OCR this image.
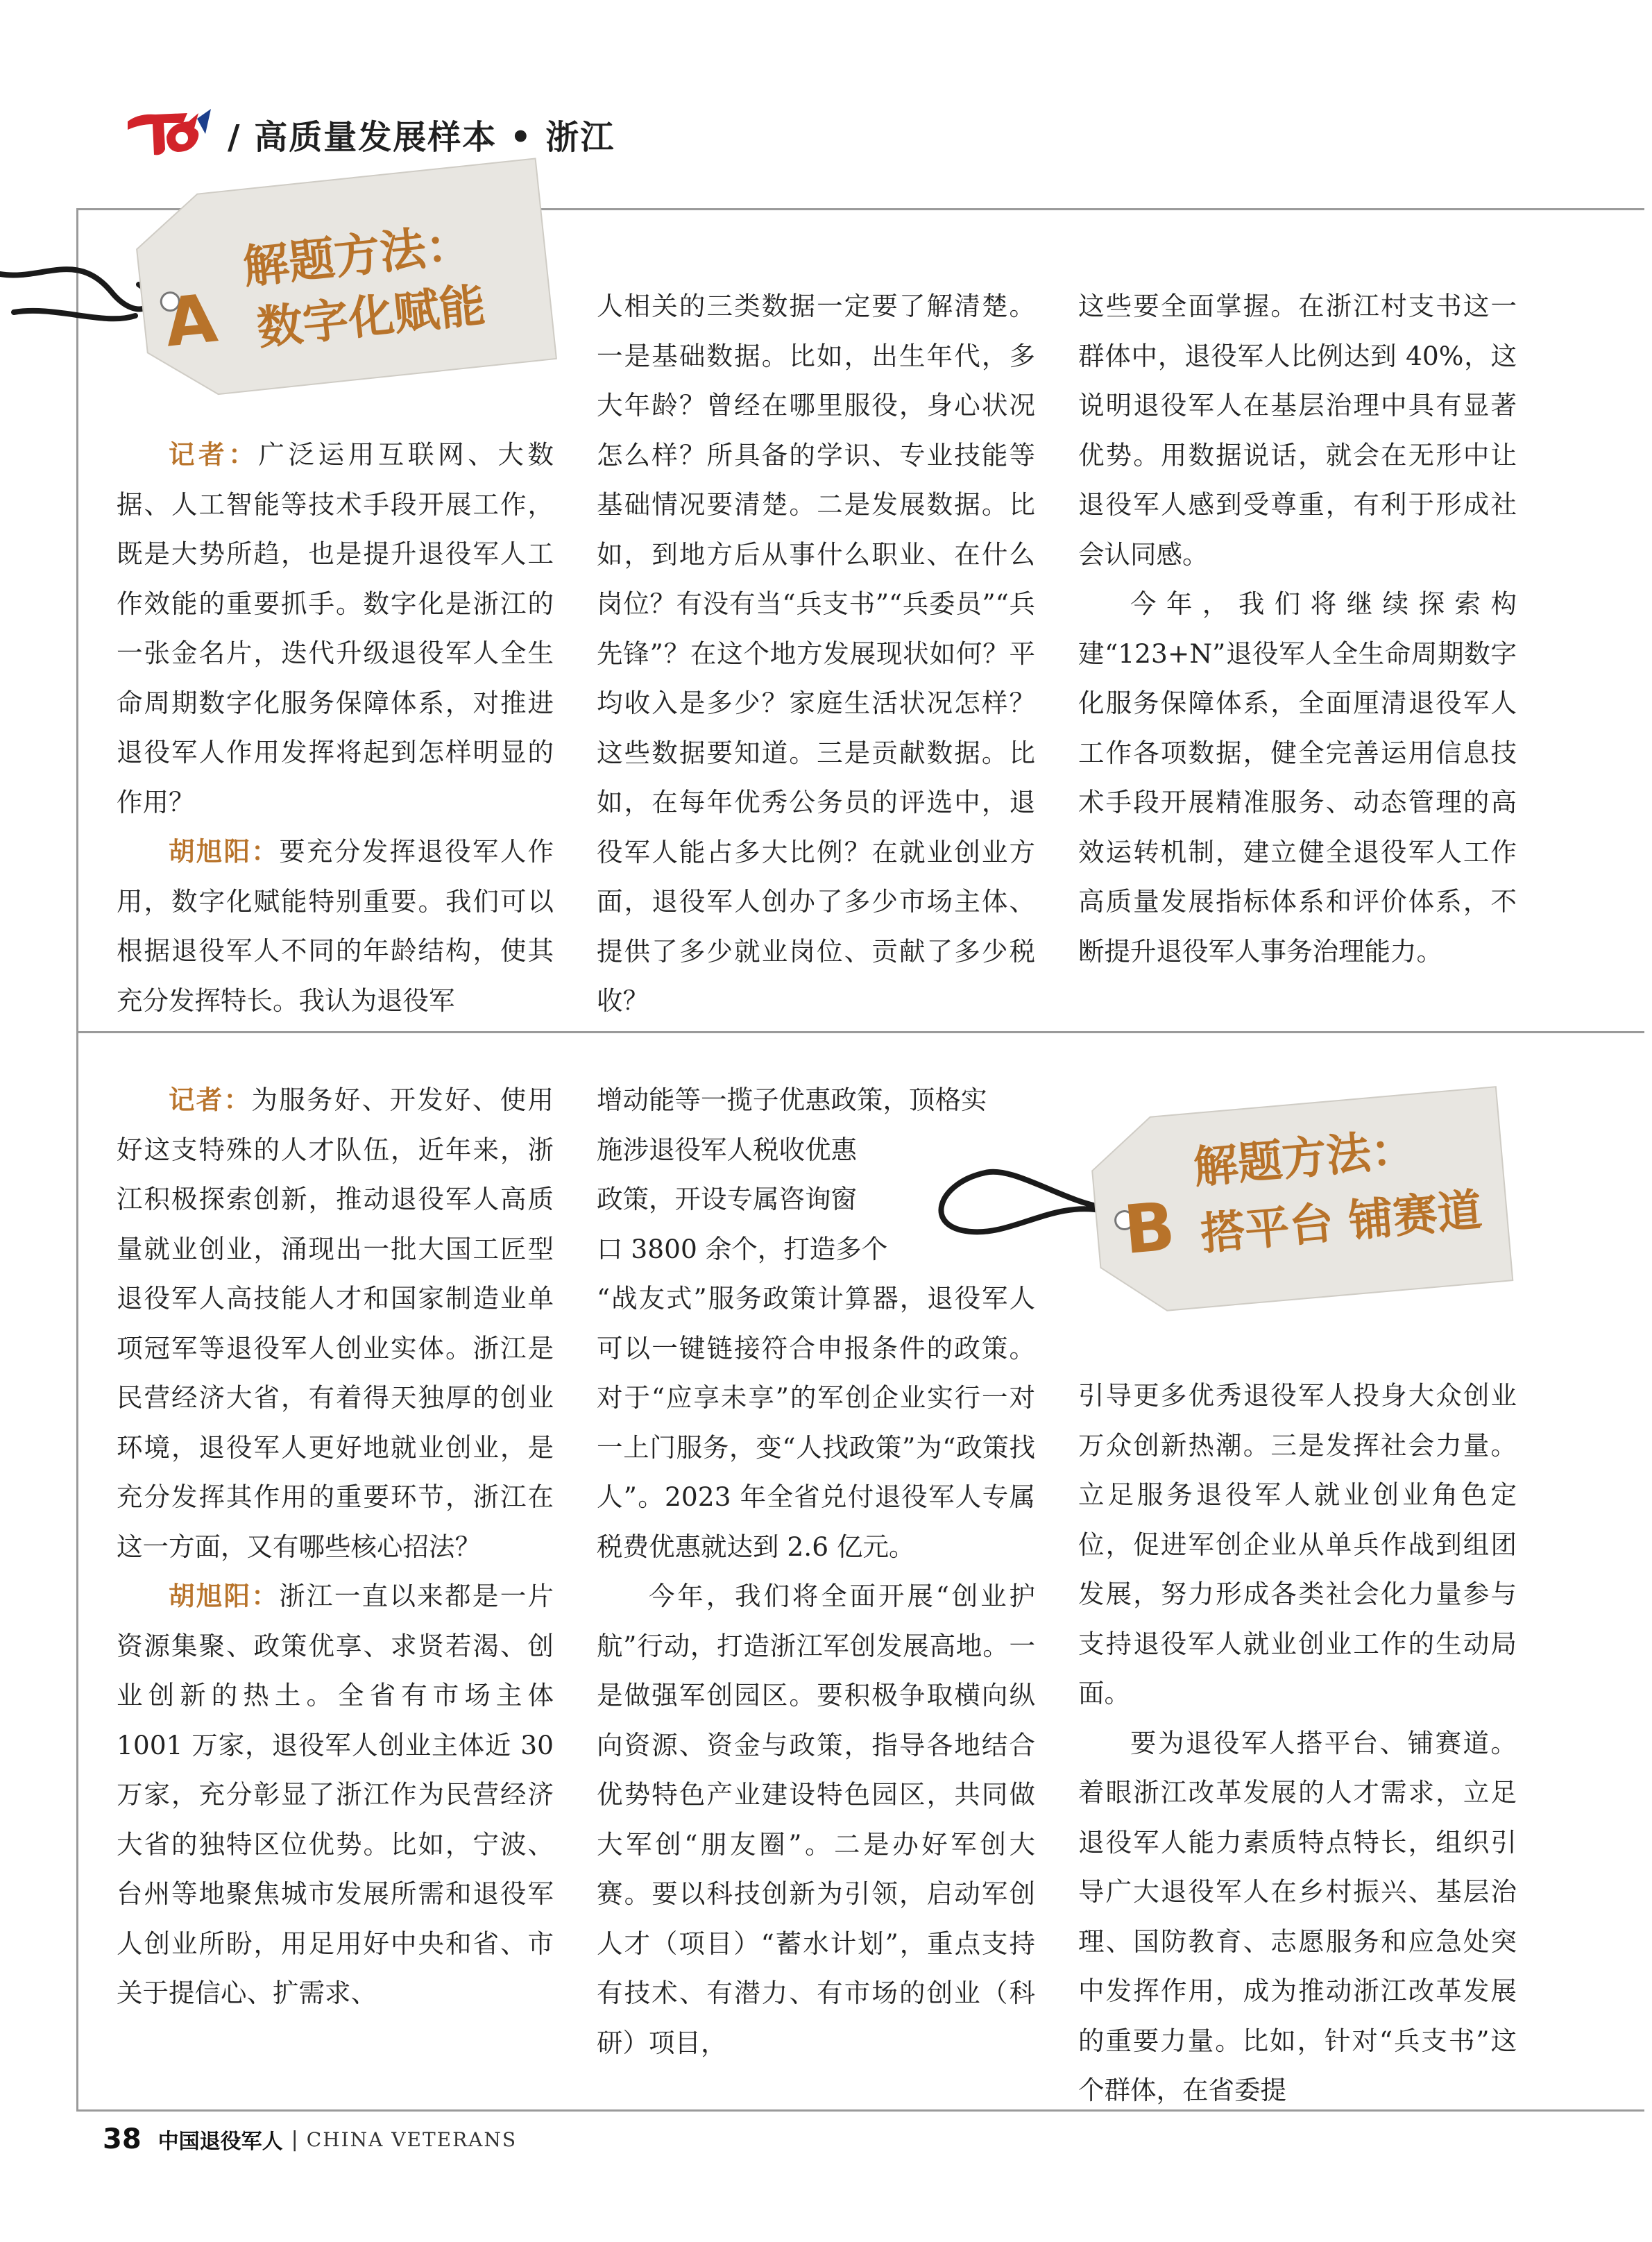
/ 高质量发展样本 • 浙江
A
解题方法：
数字化赋能

记者：广泛运用互联网、大数据、人工智能等技术手段开展工作，既是大势所趋，也是提升退役军人工作效能的重要抓手。数字化是浙江的一张金名片，迭代升级退役军人全生命周期数字化服务保障体系，对推进退役军人作用发挥将起到怎样明显的作用？

胡旭阳：要充分发挥退役军人作用，数字化赋能特别重要。我们可以根据退役军人不同的年龄结构，使其充分发挥特长。我认为退役军

人相关的三类数据一定要了解清楚。一是基础数据。比如，出生年代，多大年龄？曾经在哪里服役，身心状况怎么样？所具备的学识、专业技能等基础情况要清楚。二是发展数据。比如，到地方后从事什么职业、在什么岗位？有没有当“兵支书”“兵委员”“兵先锋”？在这个地方发展现状如何？平均收入是多少？家庭生活状况怎样？这些数据要知道。三是贡献数据。比如，在每年优秀公务员的评选中，退役军人能占多大比例？在就业创业方面，退役军人创办了多少市场主体、提供了多少就业岗位、贡献了多少税收？

这些要全面掌握。在浙江村支书这一群体中，退役军人比例达到 40%，这说明退役军人在基层治理中具有显著优势。用数据说话，就会在无形中让退役军人感到受尊重，有利于形成社会认同感。

今年，我们将继续探索构建“123+N”退役军人全生命周期数字化服务保障体系，全面厘清退役军人工作各项数据，健全完善运用信息技术手段开展精准服务、动态管理的高效运转机制，建立健全退役军人工作高质量发展指标体系和评价体系，不断提升退役军人事务治理能力。

记者：为服务好、开发好、使用好这支特殊的人才队伍，近年来，浙江积极探索创新，推动退役军人高质量就业创业，涌现出一批大国工匠型退役军人高技能人才和国家制造业单项冠军等退役军人创业实体。浙江是民营经济大省，有着得天独厚的创业环境，退役军人更好地就业创业，是充分发挥其作用的重要环节，浙江在这一方面，又有哪些核心招法？

胡旭阳：浙江一直以来都是一片资源集聚、政策优享、求贤若渴、创业创新的热土。全省有市场主体 1001 万家，退役军人创业主体近 30 万家，充分彰显了浙江作为民营经济大省的独特区位优势。比如，宁波、台州等地聚焦城市发展所需和退役军人创业所盼，用足用好中央和省、市关于提信心、扩需求、

增动能等一揽子优惠政策，顶格实
施涉退役军人税收优惠
政策，开设专属咨询窗
口 3800 余个，打造多个

“战友式”服务政策计算器，退役军人可以一键链接符合申报条件的政策。对于“应享未享”的军创企业实行一对一上门服务，变“人找政策”为“政策找人”。2023 年全省兑付退役军人专属税费优惠就达到 2.6 亿元。

今年，我们将全面开展“创业护航”行动，打造浙江军创发展高地。一是做强军创园区。要积极争取横向纵向资源、资金与政策，指导各地结合优势特色产业建设特色园区，共同做大军创“朋友圈”。二是办好军创大赛。要以科技创新为引领，启动军创人才（项目）“蓄水计划”，重点支持有技术、有潜力、有市场的创业（科研）项目，

B
解题方法：
搭平台 铺赛道

引导更多优秀退役军人投身大众创业万众创新热潮。三是发挥社会力量。立足服务退役军人就业创业角色定位，促进军创企业从单兵作战到组团发展，努力形成各类社会化力量参与支持退役军人就业创业工作的生动局面。

要为退役军人搭平台、铺赛道。着眼浙江改革发展的人才需求，立足退役军人能力素质特点特长，组织引导广大退役军人在乡村振兴、基层治理、国防教育、志愿服务和应急处突中发挥作用，成为推动浙江改革发展的重要力量。比如，针对“兵支书”这个群体，在省委提

38 中国退役军人 | CHINA VETERANS
